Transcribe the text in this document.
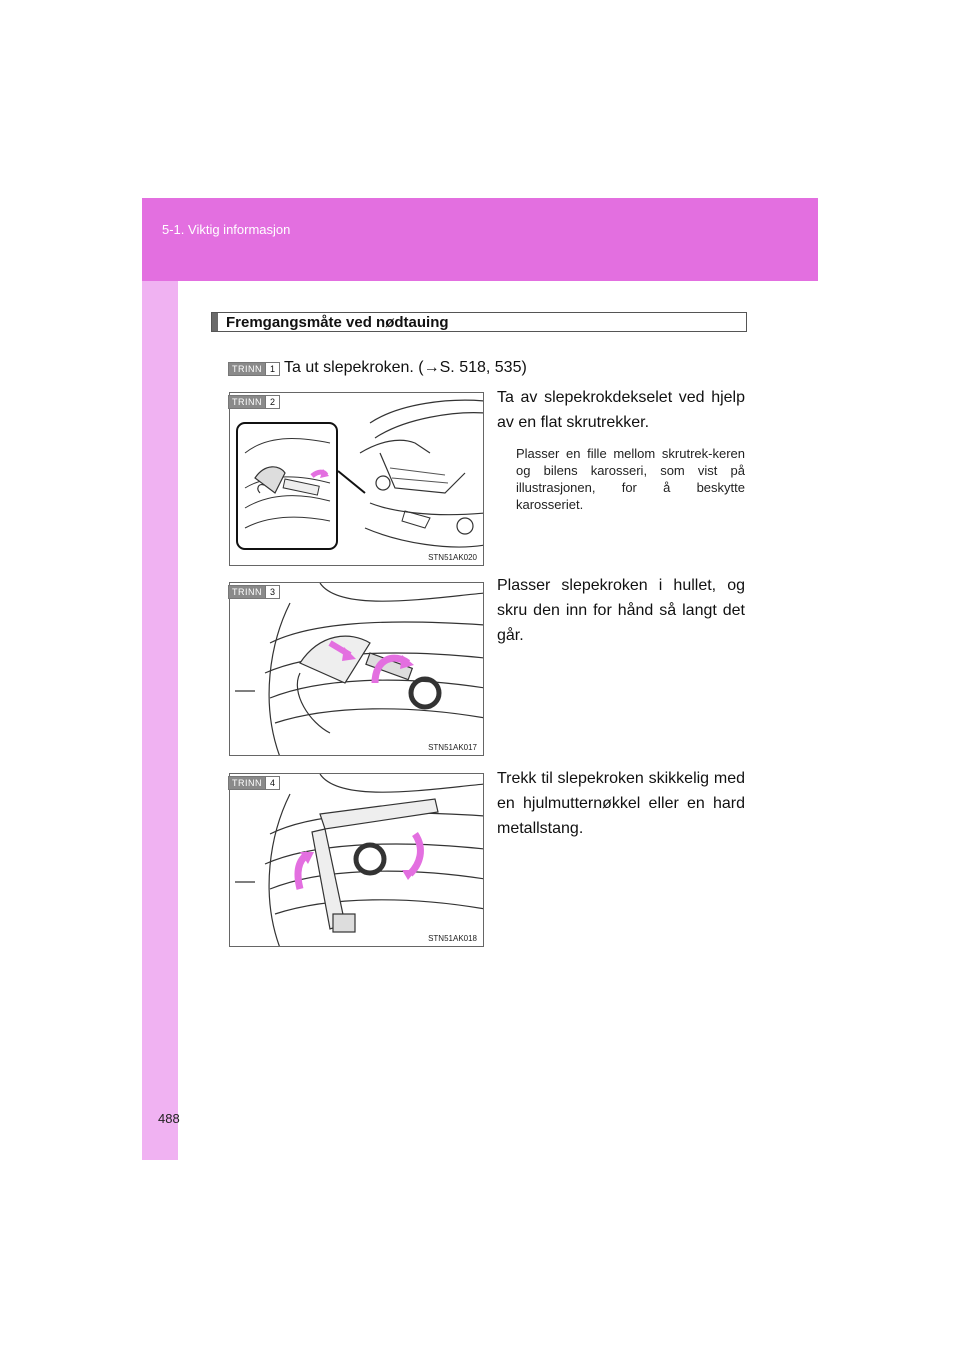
5-1. Viktig informasjon
488
Fremgangsmåte ved nødtauing
TRINN 1 Ta ut slepekroken. (→S. 518, 535)
STN51AK020
TRINN 2	Ta av slepekrokdekselet ved hjelp av en flat skrutrekker.
Plasser en fille mellom skrutrek-keren og bilens karosseri, som vist på illustrasjonen, for å beskytte karosseriet.
STN51AK017
TRINN 3	Plasser slepekroken i hullet, og skru den inn for hånd så langt det går.
STN51AK018
TRINN 4	Trekk til slepekroken skikkelig med en hjulmutternøkkel eller en hard metallstang.
